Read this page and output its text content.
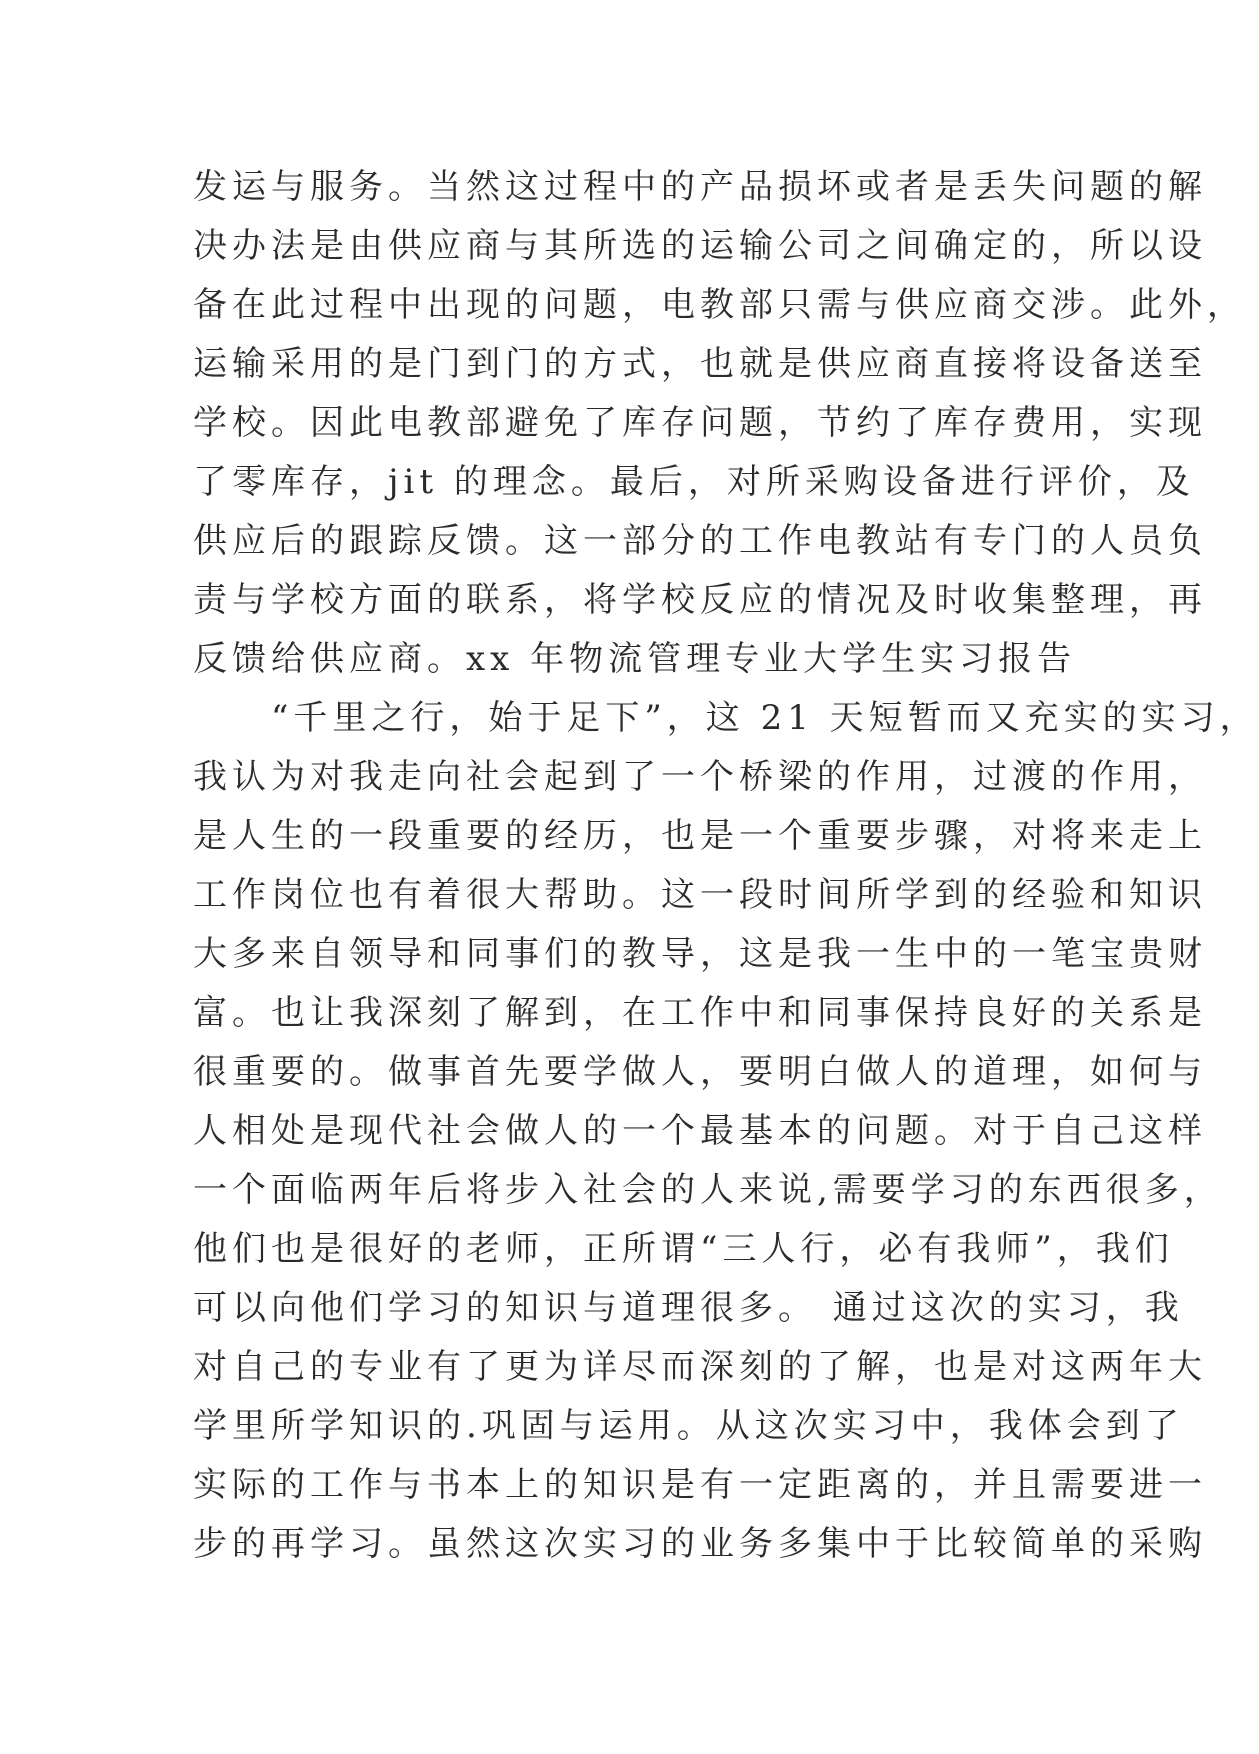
发运与服务。当然这过程中的产品损坏或者是丢失问题的解
决办法是由供应商与其所选的运输公司之间确定的，所以设
备在此过程中出现的问题，电教部只需与供应商交涉。此外，
运输采用的是门到门的方式，也就是供应商直接将设备送至
学校。因此电教部避免了库存问题，节约了库存费用，实现
了零库存，jit 的理念。最后，对所采购设备进行评价，及
供应后的跟踪反馈。这一部分的工作电教站有专门的人员负
责与学校方面的联系，将学校反应的情况及时收集整理，再
反馈给供应商。xx 年物流管理专业大学生实习报告
　　“千里之行，始于足下”，这 21 天短暂而又充实的实习，
我认为对我走向社会起到了一个桥梁的作用，过渡的作用，
是人生的一段重要的经历，也是一个重要步骤，对将来走上
工作岗位也有着很大帮助。这一段时间所学到的经验和知识
大多来自领导和同事们的教导，这是我一生中的一笔宝贵财
富。也让我深刻了解到，在工作中和同事保持良好的关系是
很重要的。做事首先要学做人，要明白做人的道理，如何与
人相处是现代社会做人的一个最基本的问题。对于自己这样
一个面临两年后将步入社会的人来说,需要学习的东西很多，
他们也是很好的老师，正所谓“三人行，必有我师”，我们
可以向他们学习的知识与道理很多。 通过这次的实习，我
对自己的专业有了更为详尽而深刻的了解，也是对这两年大
学里所学知识的.巩固与运用。从这次实习中，我体会到了
实际的工作与书本上的知识是有一定距离的，并且需要进一
步的再学习。虽然这次实习的业务多集中于比较简单的采购
